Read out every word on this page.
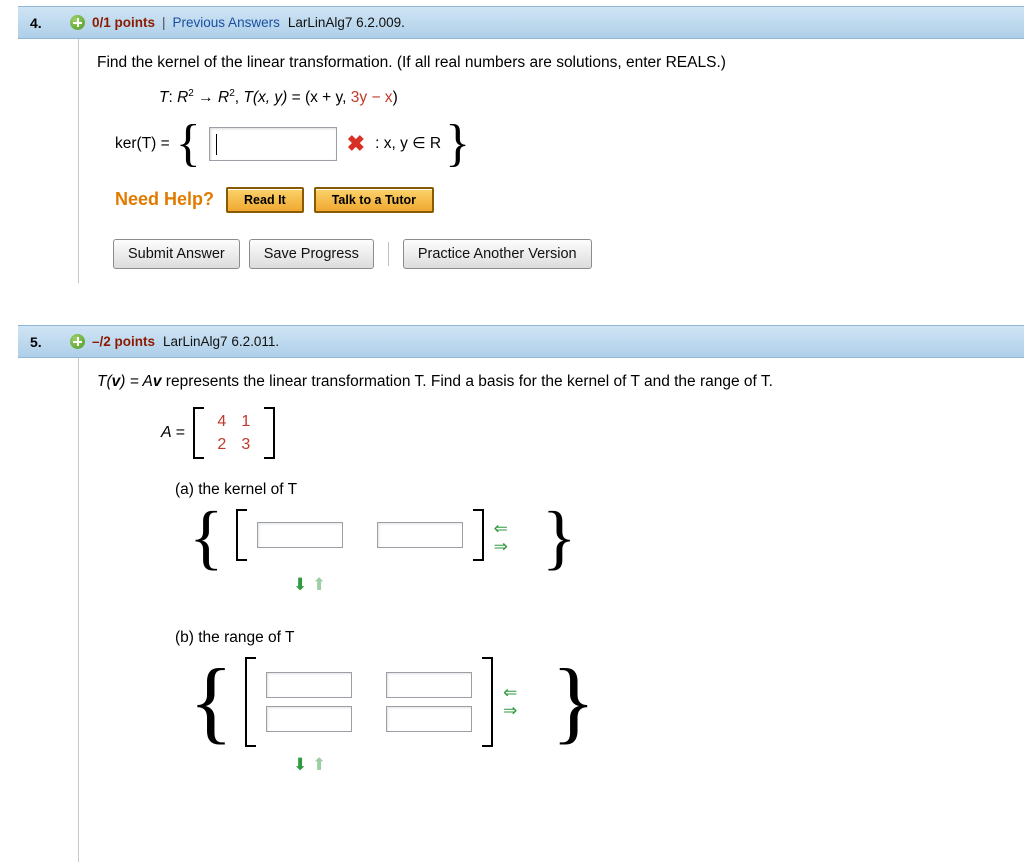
4.	0/1 points | Previous Answers LarLinAlg7 6.2.009.
Find the kernel of the linear transformation. (If all real numbers are solutions, enter REALS.)
T: $R^2 \to R^2$, T(x, y) = (x + y, 3y − x)
ker(T) = {	✖ : x, y ∈ R }
Need Help?	Read It	Talk to a Tutor
Submit Answer	Save Progress	Practice Another Version
5.	–/2 points LarLinAlg7 6.2.011.
T(v) = Av represents the linear transformation T. Find a basis for the kernel of T and the range of T.
A =
4 1
2 3
(a) the kernel of T
{	⇐
⇒ }
⬇ ⬆
(b) the range of T
{	⇐
⇒ }
⬇ ⬆
